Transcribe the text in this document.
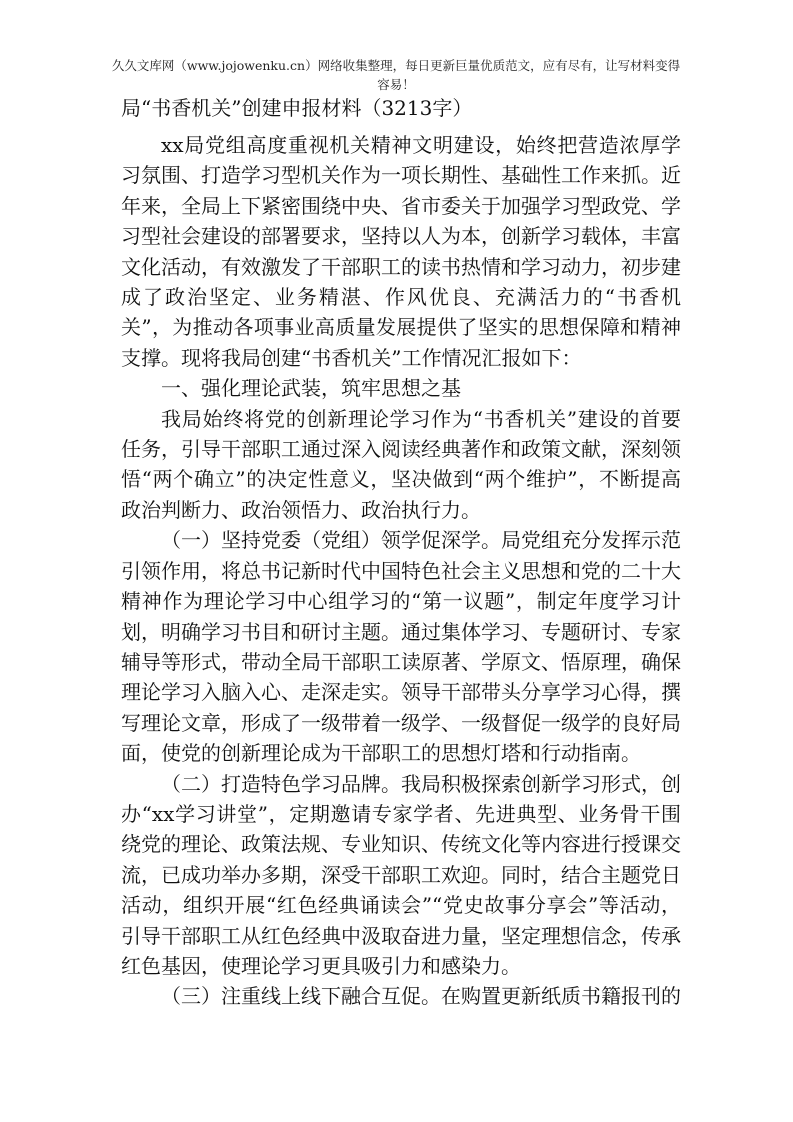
久久文库网（www.jojowenku.cn）网络收集整理，每日更新巨量优质范文，应有尽有，让写材料变得容易！
局“书香机关”创建申报材料（3213字）

xx局党组高度重视机关精神文明建设，始终把营造浓厚学习氛围、打造学习型机关作为一项长期性、基础性工作来抓。近年来，全局上下紧密围绕中央、省市委关于加强学习型政党、学习型社会建设的部署要求，坚持以人为本，创新学习载体，丰富文化活动，有效激发了干部职工的读书热情和学习动力，初步建成了政治坚定、业务精湛、作风优良、充满活力的“书香机关”，为推动各项事业高质量发展提供了坚实的思想保障和精神支撑。现将我局创建“书香机关”工作情况汇报如下：

一、强化理论武装，筑牢思想之基

我局始终将党的创新理论学习作为“书香机关”建设的首要任务，引导干部职工通过深入阅读经典著作和政策文献，深刻领悟“两个确立”的决定性意义，坚决做到“两个维护”，不断提高政治判断力、政治领悟力、政治执行力。

（一）坚持党委（党组）领学促深学。局党组充分发挥示范引领作用，将总书记新时代中国特色社会主义思想和党的二十大精神作为理论学习中心组学习的“第一议题”，制定年度学习计划，明确学习书目和研讨主题。通过集体学习、专题研讨、专家辅导等形式，带动全局干部职工读原著、学原文、悟原理，确保理论学习入脑入心、走深走实。领导干部带头分享学习心得，撰写理论文章，形成了一级带着一级学、一级督促一级学的良好局面，使党的创新理论成为干部职工的思想灯塔和行动指南。

（二）打造特色学习品牌。我局积极探索创新学习形式，创办“xx学习讲堂”，定期邀请专家学者、先进典型、业务骨干围绕党的理论、政策法规、专业知识、传统文化等内容进行授课交流，已成功举办多期，深受干部职工欢迎。同时，结合主题党日活动，组织开展“红色经典诵读会”“党史故事分享会”等活动，引导干部职工从红色经典中汲取奋进力量，坚定理想信念，传承红色基因，使理论学习更具吸引力和感染力。

（三）注重线上线下融合互促。在购置更新纸质书籍报刊的
